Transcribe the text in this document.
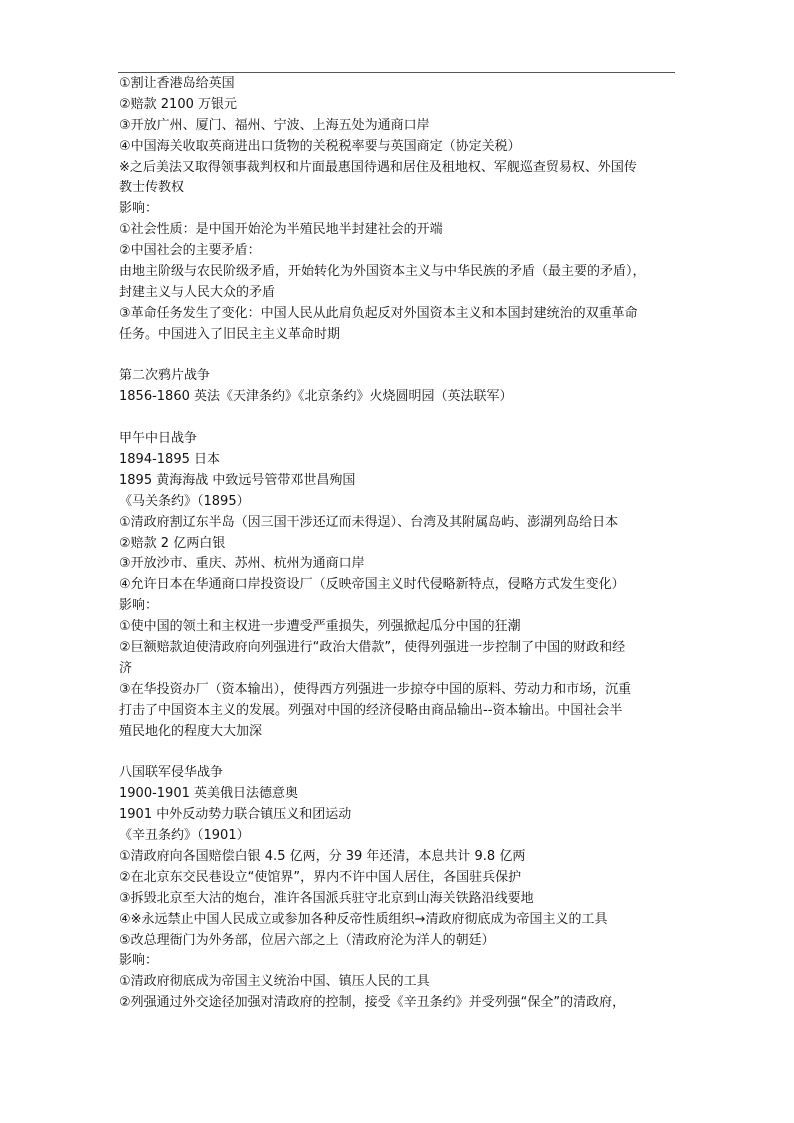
①割让香港岛给英国
②赔款 2100 万银元
③开放广州、厦门、福州、宁波、上海五处为通商口岸
④中国海关收取英商进出口货物的关税税率要与英国商定（协定关税）
※之后美法又取得领事裁判权和片面最惠国待遇和居住及租地权、军舰巡查贸易权、外国传
教士传教权
影响：
①社会性质：是中国开始沦为半殖民地半封建社会的开端
②中国社会的主要矛盾：
由地主阶级与农民阶级矛盾，开始转化为外国资本主义与中华民族的矛盾（最主要的矛盾），
封建主义与人民大众的矛盾
③革命任务发生了变化：中国人民从此肩负起反对外国资本主义和本国封建统治的双重革命
任务。中国进入了旧民主主义革命时期
第二次鸦片战争
1856-1860 英法《天津条约》《北京条约》火烧圆明园（英法联军）
甲午中日战争
1894-1895 日本
1895 黄海海战 中致远号管带邓世昌殉国
《马关条约》（1895）
①清政府割辽东半岛（因三国干涉还辽而未得逞）、台湾及其附属岛屿、澎湖列岛给日本
②赔款 2 亿两白银
③开放沙市、重庆、苏州、杭州为通商口岸
④允许日本在华通商口岸投资设厂（反映帝国主义时代侵略新特点，侵略方式发生变化）
影响：
①使中国的领土和主权进一步遭受严重损失，列强掀起瓜分中国的狂潮
②巨额赔款迫使清政府向列强进行“政治大借款”，使得列强进一步控制了中国的财政和经
济
③在华投资办厂（资本输出），使得西方列强进一步掠夺中国的原料、劳动力和市场，沉重
打击了中国资本主义的发展。列强对中国的经济侵略由商品输出--资本输出。中国社会半
殖民地化的程度大大加深
八国联军侵华战争
1900-1901 英美俄日法德意奥
1901 中外反动势力联合镇压义和团运动
《辛丑条约》（1901）
①清政府向各国赔偿白银 4.5 亿两，分 39 年还清，本息共计 9.8 亿两
②在北京东交民巷设立“使馆界”，界内不许中国人居住，各国驻兵保护
③拆毁北京至大沽的炮台，准许各国派兵驻守北京到山海关铁路沿线要地
④※永远禁止中国人民成立或参加各种反帝性质组织→清政府彻底成为帝国主义的工具
⑤改总理衙门为外务部，位居六部之上（清政府沦为洋人的朝廷）
影响：
①清政府彻底成为帝国主义统治中国、镇压人民的工具
②列强通过外交途径加强对清政府的控制，接受《辛丑条约》并受列强“保全”的清政府，
